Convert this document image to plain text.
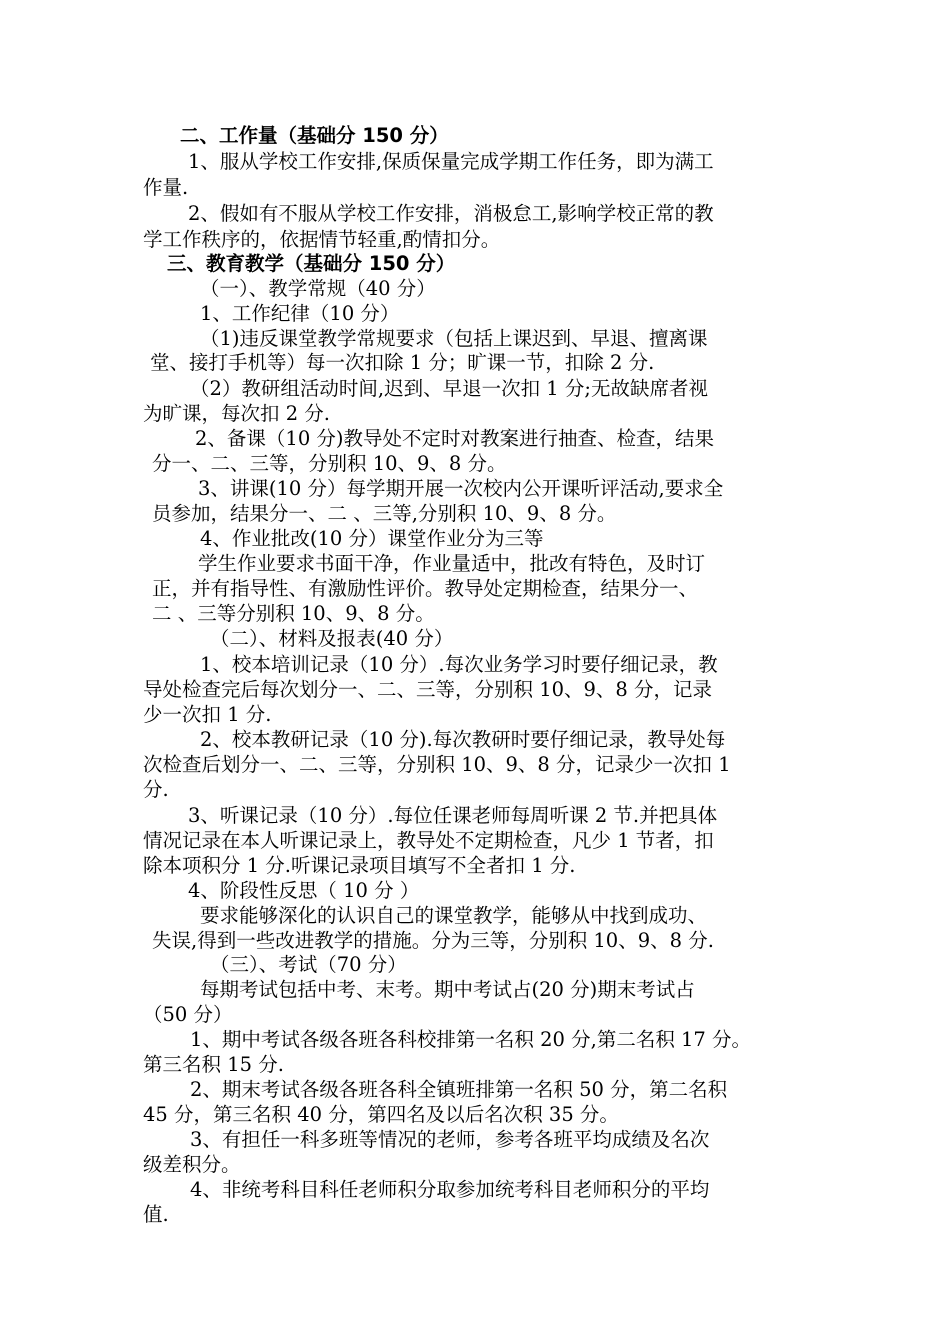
二、工作量（基础分 150 分）
1、服从学校工作安排,保质保量完成学期工作任务，即为满工
作量.
2、假如有不服从学校工作安排，消极怠工,影响学校正常的教
学工作秩序的，依据情节轻重,酌情扣分。
三、教育教学（基础分 150 分）
（一）、教学常规（40 分）
1、工作纪律（10 分）
（1)违反课堂教学常规要求（包括上课迟到、早退、擅离课
堂、接打手机等）每一次扣除 1 分；旷课一节，扣除 2 分.
（2）教研组活动时间,迟到、早退一次扣 1 分;无故缺席者视
为旷课，每次扣 2 分.
2、备课（10 分)教导处不定时对教案进行抽查、检查，结果
分一、二、三等，分别积 10、9、8 分。
3、讲课(10 分）每学期开展一次校内公开课听评活动,要求全
员参加，结果分一、二 、三等,分别积 10、9、8 分。
4、作业批改(10 分）课堂作业分为三等
学生作业要求书面干净，作业量适中，批改有特色，及时订
正，并有指导性、有激励性评价。教导处定期检查，结果分一、
二 、三等分别积 10、9、8 分。
（二）、材料及报表(40 分）
1、校本培训记录（10 分）.每次业务学习时要仔细记录，教
导处检查完后每次划分一、二、三等，分别积 10、9、8 分，记录
少一次扣 1 分.
2、校本教研记录（10 分).每次教研时要仔细记录，教导处每
次检查后划分一、二、三等，分别积 10、9、8 分，记录少一次扣 1
分.
3、听课记录（10 分）.每位任课老师每周听课 2 节.并把具体
情况记录在本人听课记录上，教导处不定期检查，凡少 1 节者，扣
除本项积分 1 分.听课记录项目填写不全者扣 1 分.
4、阶段性反思（ 10 分 ）
要求能够深化的认识自己的课堂教学，能够从中找到成功、
失误,得到一些改进教学的措施。分为三等，分别积 10、9、8 分.
（三）、考试（70 分）
每期考试包括中考、末考。期中考试占(20 分)期末考试占
（50 分）
1、期中考试各级各班各科校排第一名积 20 分,第二名积 17 分。
第三名积 15 分.
2、期末考试各级各班各科全镇班排第一名积 50 分，第二名积
45 分，第三名积 40 分，第四名及以后名次积 35 分。
3、有担任一科多班等情况的老师，参考各班平均成绩及名次
级差积分。
4、非统考科目科任老师积分取参加统考科目老师积分的平均
值.
